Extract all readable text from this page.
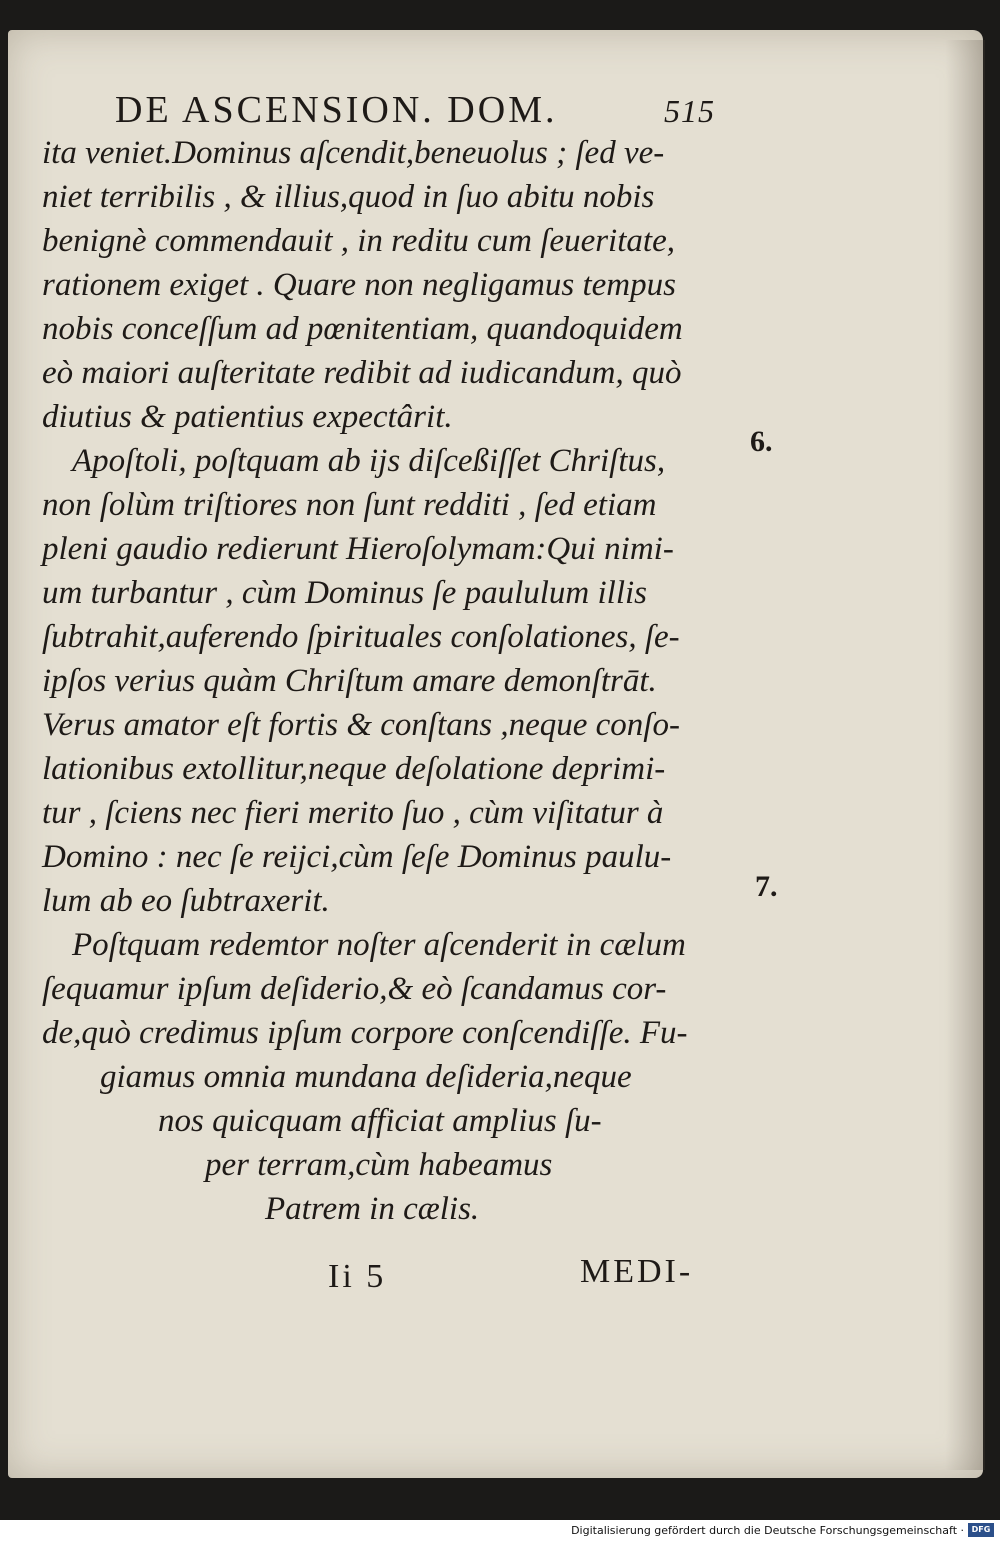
DE ASCENSION. DOM.	515
ita veniet.Dominus aſcendit,beneuolus ; ſed ve-
niet terribilis , & illius,quod in ſuo abitu nobis
benignè commendauit , in reditu cum ſeueritate,
rationem exiget . Quare non negligamus tempus
nobis conceſſum ad pœnitentiam, quandoquidem
eò maiori auſteritate redibit ad iudicandum, quò
diutius & patientius expectârit.
Apoſtoli, poſtquam ab ijs diſceßiſſet Chriſtus,
non ſolùm triſtiores non ſunt redditi , ſed etiam
pleni gaudio redierunt Hieroſolymam:Qui nimi-
um turbantur , cùm Dominus ſe paululum illis
ſubtrahit,auferendo ſpirituales conſolationes, ſe-
ipſos verius quàm Chriſtum amare demonſtrāt.
Verus amator eſt fortis & conſtans ,neque conſo-
lationibus extollitur,neque deſolatione deprimi-
tur , ſciens nec fieri merito ſuo , cùm viſitatur à
Domino : nec ſe reijci,cùm ſeſe Dominus paulu-
lum ab eo ſubtraxerit.
Poſtquam redemtor noſter aſcenderit in cælum
ſequamur ipſum deſiderio,& eò ſcandamus cor-
de,quò credimus ipſum corpore conſcendiſſe. Fu-
giamus omnia mundana deſideria,neque
nos quicquam afficiat amplius ſu-
per terram,cùm habeamus
Patrem in cælis.
6.
7.
Ii 5	MEDI-
Digitalisierung gefördert durch die Deutsche Forschungsgemeinschaft · DFG
